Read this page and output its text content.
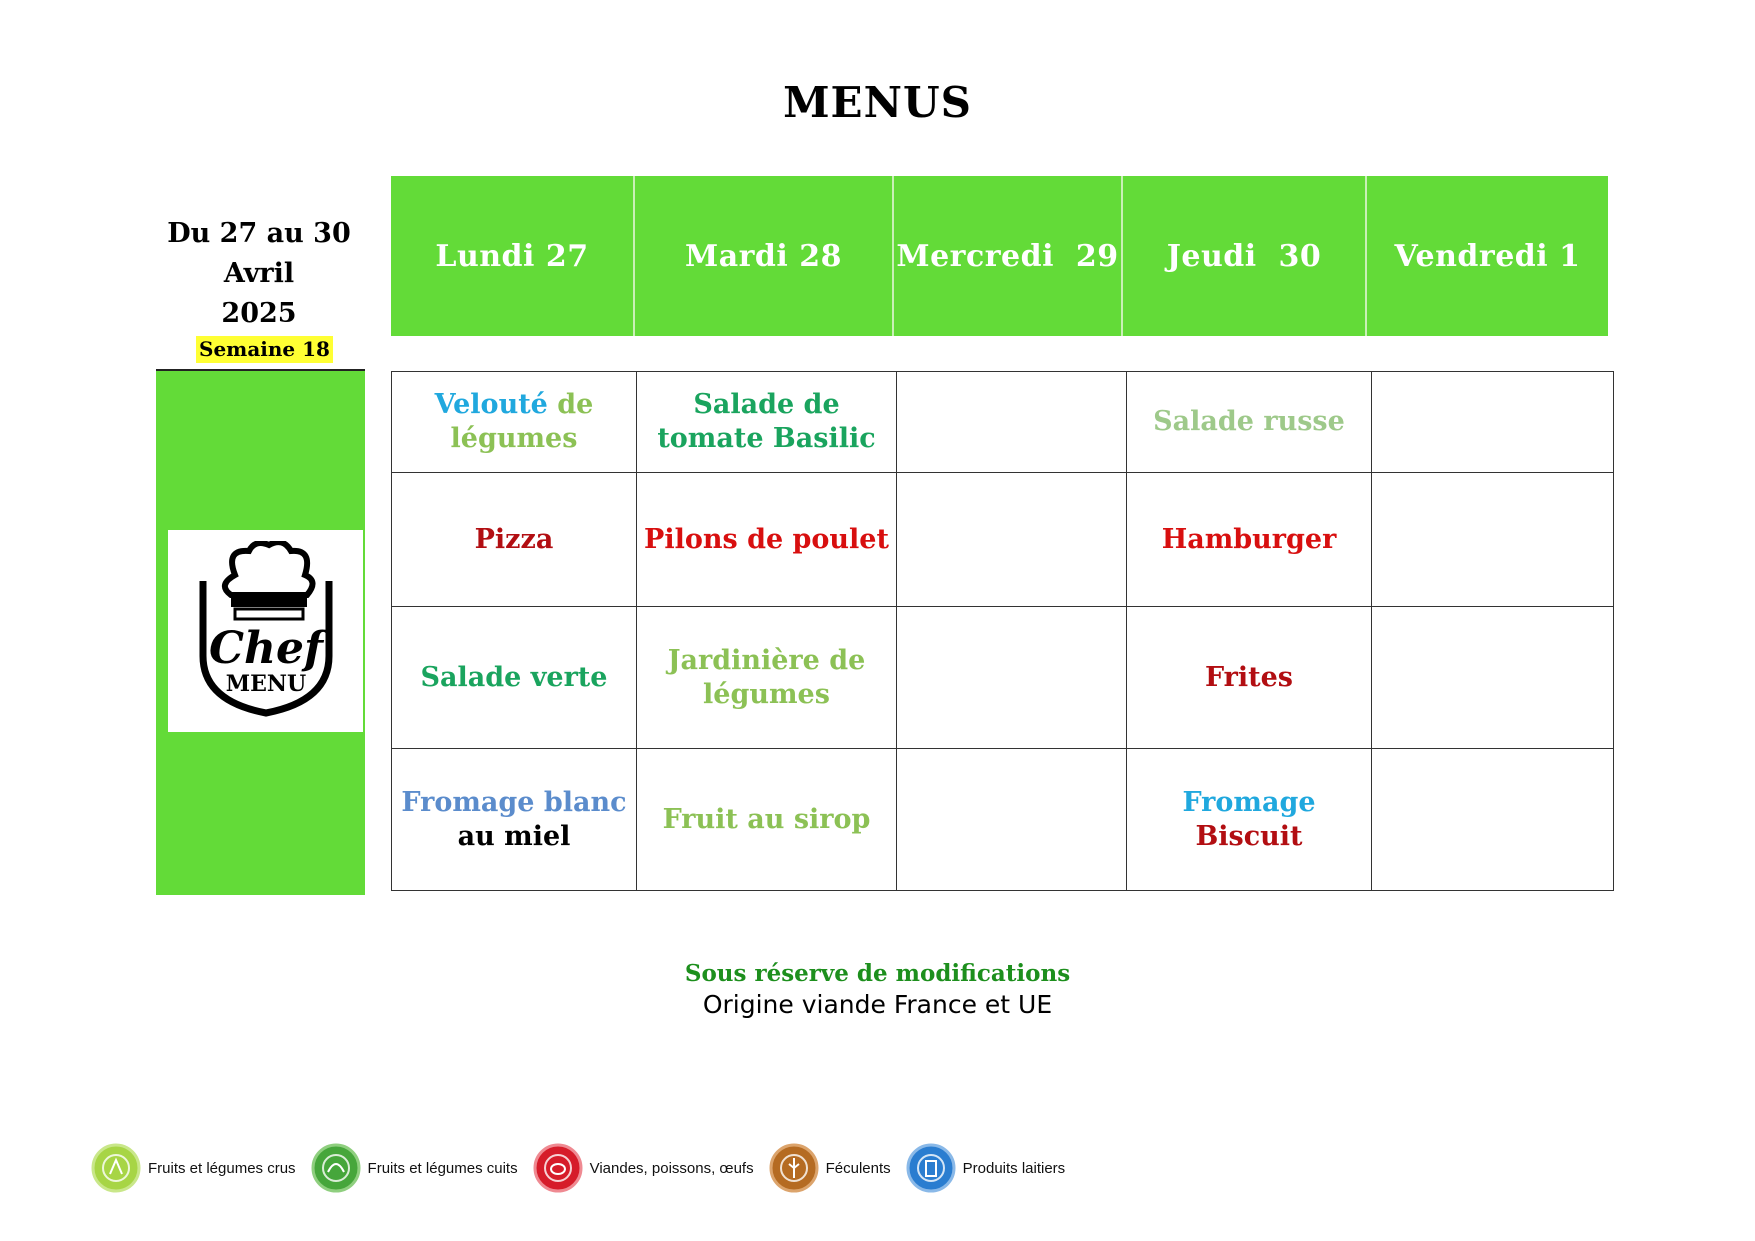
MENUS
Du 27 au 30
Avril
2025
Semaine 18
Chef
MENU
Lundi 27	Mardi 28	Mercredi  29	Jeudi  30	Vendredi 1
Velouté de
légumes	Salade de tomate Basilic		Salade russe	
Pizza	Pilons de poulet		Hamburger	
Salade verte	Jardinière de légumes		Frites	
Fromage blanc
au miel	Fruit au sirop		Fromage
Biscuit	
Sous réserve de modifications
Origine viande France et UE
Fruits et légumes crus	Fruits et légumes cuits	Viandes, poissons, œufs	Féculents	Produits laitiers
